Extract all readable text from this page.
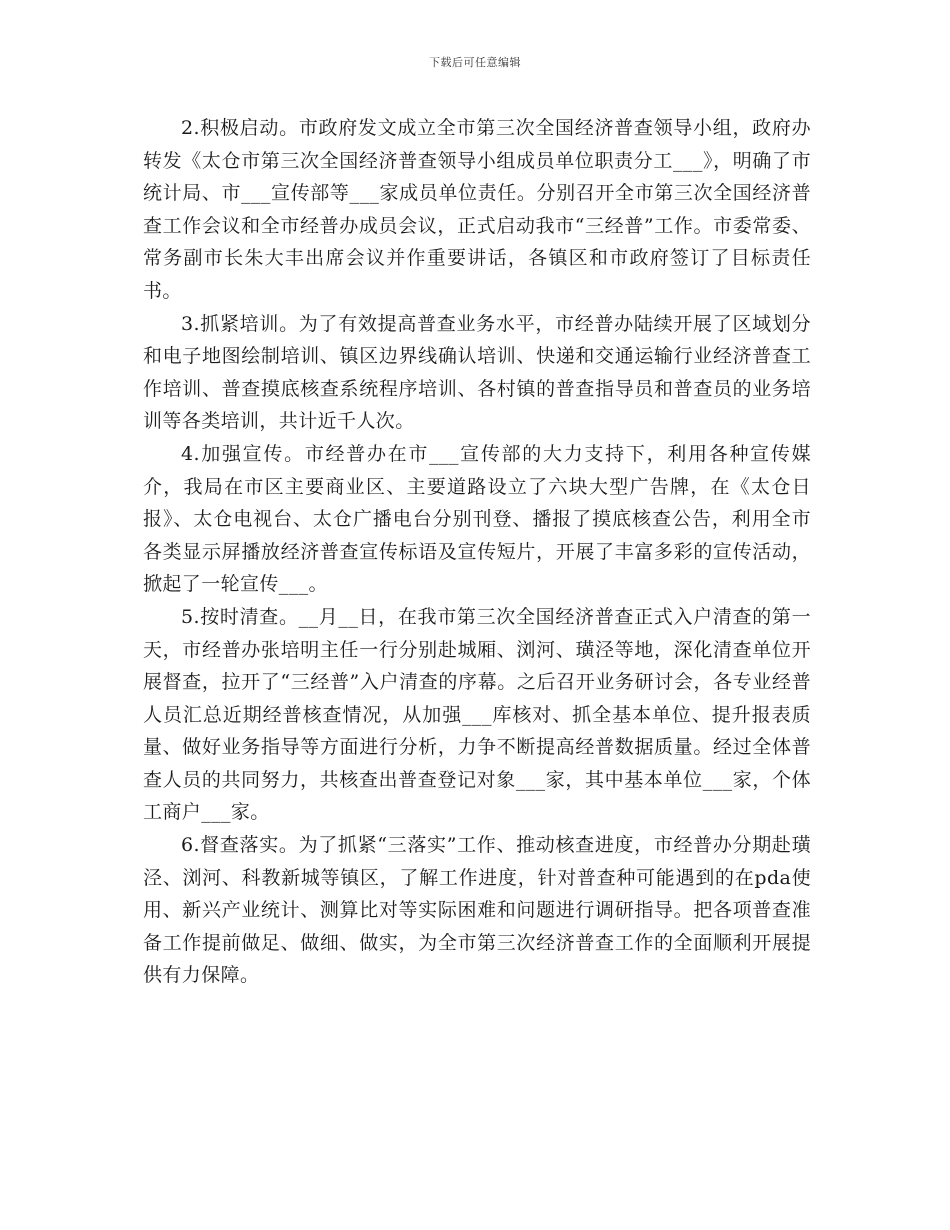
下载后可任意编辑

2.积极启动。市政府发文成立全市第三次全国经济普查领导小组，政府办转发《太仓市第三次全国经济普查领导小组成员单位职责分工___》，明确了市统计局、市___宣传部等___家成员单位责任。分别召开全市第三次全国经济普查工作会议和全市经普办成员会议，正式启动我市“三经普”工作。市委常委、常务副市长朱大丰出席会议并作重要讲话，各镇区和市政府签订了目标责任书。

3.抓紧培训。为了有效提高普查业务水平，市经普办陆续开展了区域划分和电子地图绘制培训、镇区边界线确认培训、快递和交通运输行业经济普查工作培训、普查摸底核查系统程序培训、各村镇的普查指导员和普查员的业务培训等各类培训，共计近千人次。

4.加强宣传。市经普办在市___宣传部的大力支持下，利用各种宣传媒介，我局在市区主要商业区、主要道路设立了六块大型广告牌，在《太仓日报》、太仓电视台、太仓广播电台分别刊登、播报了摸底核查公告，利用全市各类显示屏播放经济普查宣传标语及宣传短片，开展了丰富多彩的宣传活动，掀起了一轮宣传___。

5.按时清查。__月__日，在我市第三次全国经济普查正式入户清查的第一天，市经普办张培明主任一行分别赴城厢、浏河、璜泾等地，深化清查单位开展督查，拉开了“三经普”入户清查的序幕。之后召开业务研讨会，各专业经普人员汇总近期经普核查情况，从加强___库核对、抓全基本单位、提升报表质量、做好业务指导等方面进行分析，力争不断提高经普数据质量。经过全体普查人员的共同努力，共核查出普查登记对象___家，其中基本单位___家，个体工商户___家。

6.督查落实。为了抓紧“三落实”工作、推动核查进度，市经普办分期赴璜泾、浏河、科教新城等镇区，了解工作进度，针对普查种可能遇到的在pda使用、新兴产业统计、测算比对等实际困难和问题进行调研指导。把各项普查准备工作提前做足、做细、做实，为全市第三次经济普查工作的全面顺利开展提供有力保障。
